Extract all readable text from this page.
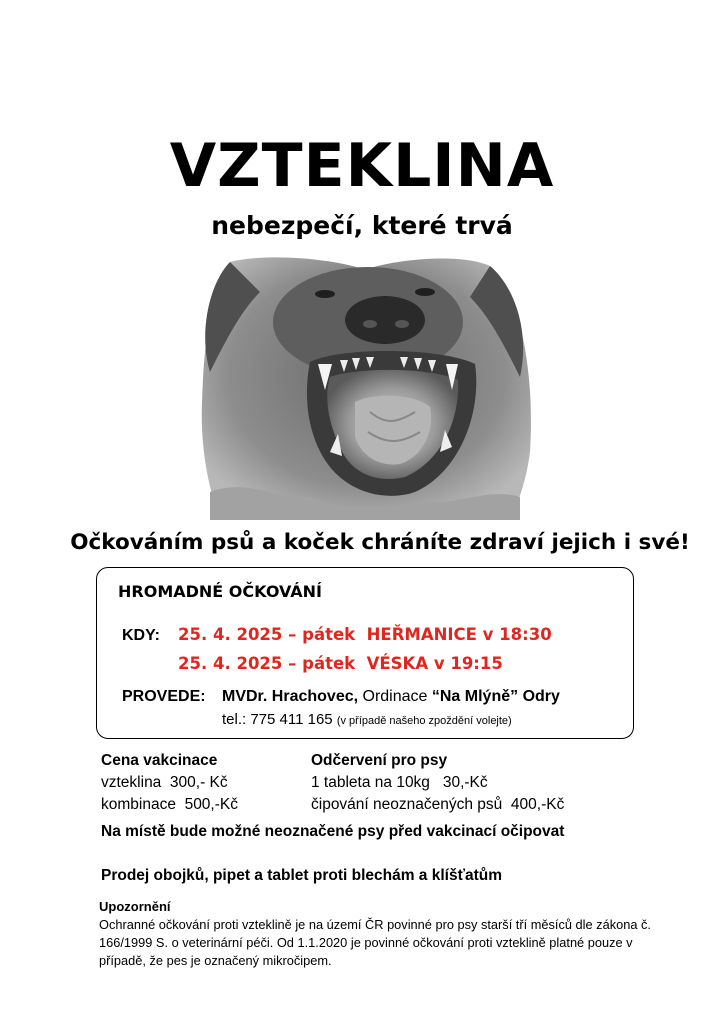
VZTEKLINA
nebezpečí, které trvá
Očkováním psů a koček chráníte zdraví jejich i své!
HROMADNÉ OČKOVÁNÍ
KDY: 25. 4. 2025 – pátek  HEŘMANICE v 18:30
25. 4. 2025 – pátek  VÉSKA v 19:15
PROVEDE: MVDr. Hrachovec, Ordinace “Na Mlýně” Odry
tel.: 775 411 165 (v případě našeho zpoždění volejte)
Cena vakcinace
vzteklina  300,- Kč
kombinace  500,-Kč
Odčervení pro psy
1 tableta na 10kg   30,-Kč
čipování neoznačených psů  400,-Kč
Na místě bude možné neoznačené psy před vakcinací očipovat
Prodej obojků, pipet a tablet proti blechám a klíšťatům
Upozornění
Ochranné očkování proti vzteklině je na území ČR povinné pro psy starší tří měsíců dle zákona č. 166/1999 S. o veterinární péči. Od 1.1.2020 je povinné očkování proti vzteklině platné pouze v případě, že pes je označený mikročipem.
